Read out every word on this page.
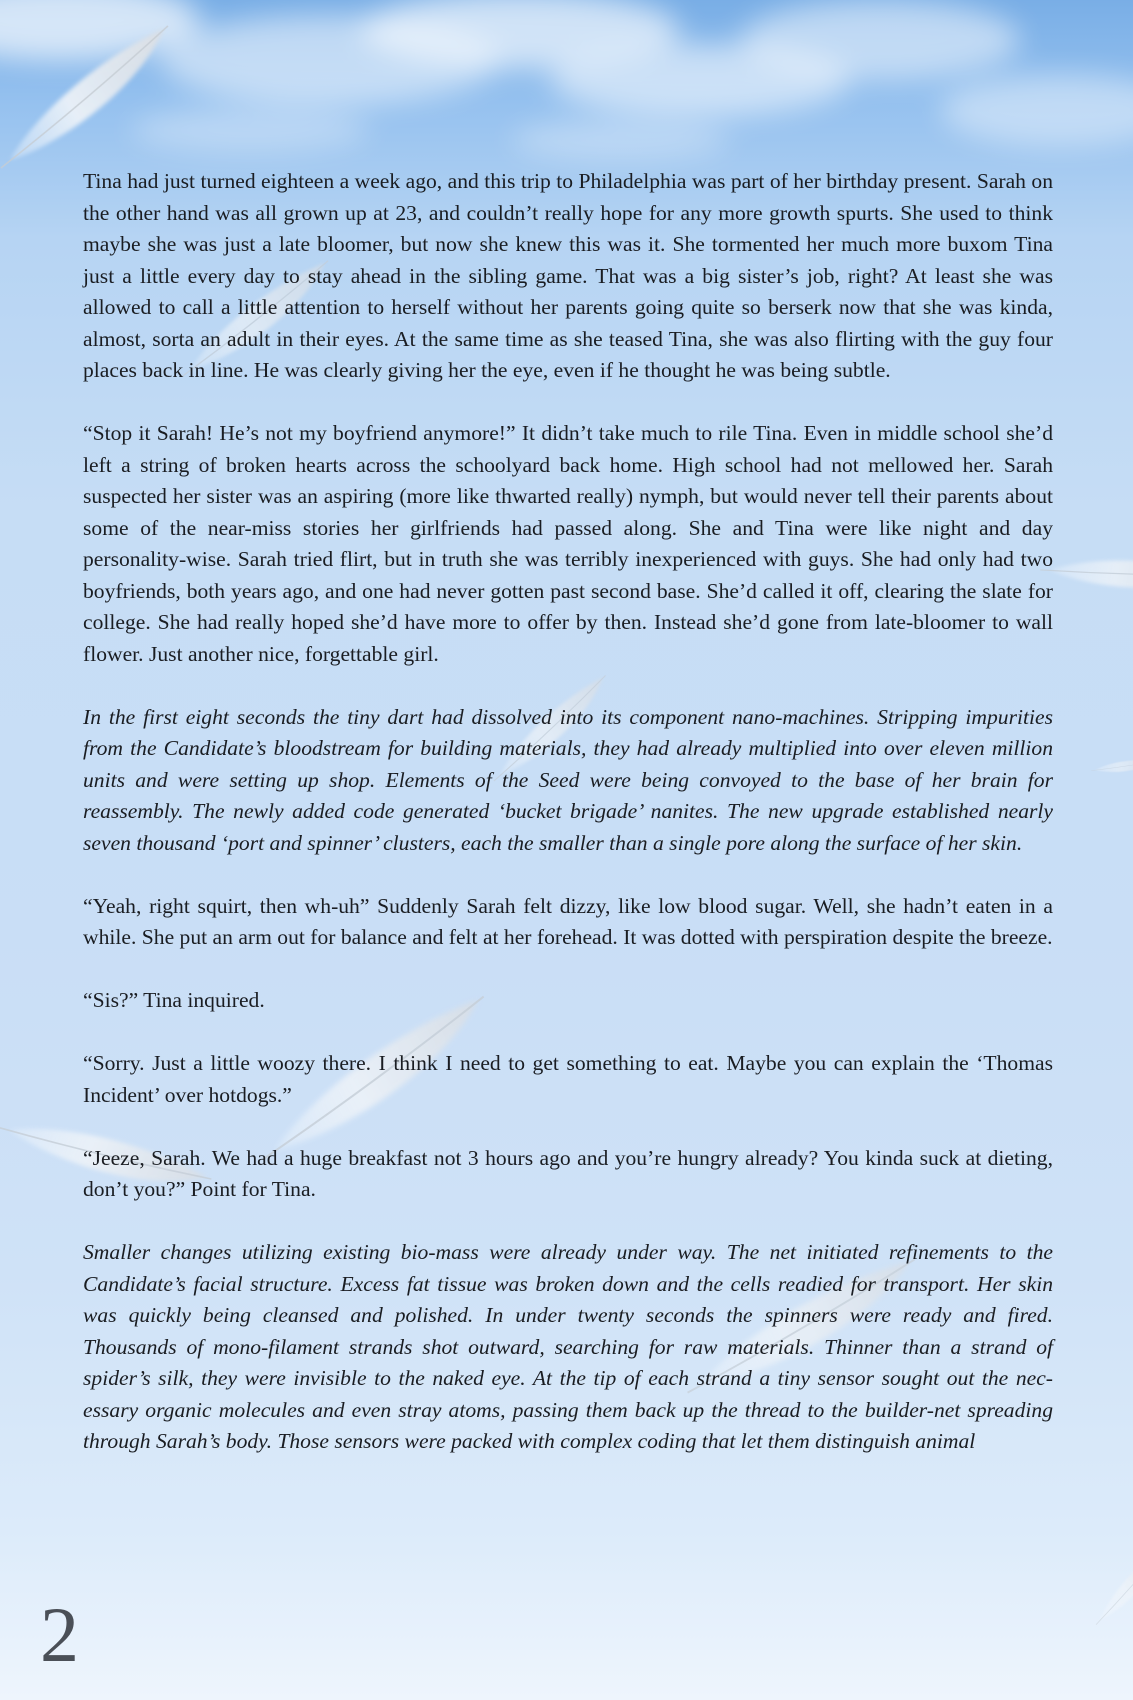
Tina had just turned eighteen a week ago, and this trip to Philadelphia was part of her birthday present. Sarah on the other hand was all grown up at 23, and couldn’t really hope for any more growth spurts. She used to think maybe she was just a late bloomer, but now she knew this was it. She tormented her much more buxom Tina just a little every day to stay ahead in the sibling game. That was a big sister’s job, right? At least she was allowed to call a little attention to herself without her parents going quite so berserk now that she was kinda, almost, sorta an adult in their eyes. At the same time as she teased Tina, she was also flirting with the guy four places back in line. He was clearly giving her the eye, even if he thought he was being subtle.

“Stop it Sarah! He’s not my boyfriend anymore!” It didn’t take much to rile Tina. Even in middle school she’d left a string of broken hearts across the schoolyard back home. High school had not mellowed her. Sarah suspected her sister was an aspiring (more like thwarted really) nymph, but would never tell their parents about some of the near-miss stories her girlfriends had passed along. She and Tina were like night and day personality-wise. Sarah tried flirt, but in truth she was terribly inexperienced with guys. She had only had two boyfriends, both years ago, and one had never gotten past second base. She’d called it off, clearing the slate for college. She had really hoped she’d have more to offer by then. Instead she’d gone from late-bloomer to wall flower. Just another nice, forgettable girl.

In the first eight seconds the tiny dart had dissolved into its component nano-machines. Stripping impurities from the Candidate’s bloodstream for building materials, they had already multiplied into over eleven million units and were setting up shop. Elements of the Seed were being convoyed to the base of her brain for reassembly. The newly added code generated ‘bucket brigade’ nanites. The new upgrade established nearly seven thousand ‘port and spinner’ clusters, each the smaller than a single pore along the surface of her skin.

“Yeah, right squirt, then wh-uh” Suddenly Sarah felt dizzy, like low blood sugar. Well, she hadn’t eaten in a while. She put an arm out for balance and felt at her forehead. It was dotted with perspiration despite the breeze.

“Sis?” Tina inquired.

“Sorry. Just a little woozy there. I think I need to get something to eat. Maybe you can explain the ‘Thomas Incident’ over hotdogs.”

“Jeeze, Sarah. We had a huge breakfast not 3 hours ago and you’re hungry already? You kinda suck at dieting, don’t you?” Point for Tina.

Smaller changes utilizing existing bio-mass were already under way. The net initiated refinements to the Candidate’s facial structure. Excess fat tissue was broken down and the cells readied for transport. Her skin was quickly being cleansed and polished. In under twenty seconds the spinners were ready and fired. Thousands of mono-filament strands shot outward, searching for raw materials. Thinner than a strand of spider’s silk, they were invisible to the naked eye. At the tip of each strand a tiny sensor sought out the necessary organic molecules and even stray atoms, passing them back up the thread to the builder-net spreading through Sarah’s body. Those sensors were packed with complex coding that let them distinguish animal

2
